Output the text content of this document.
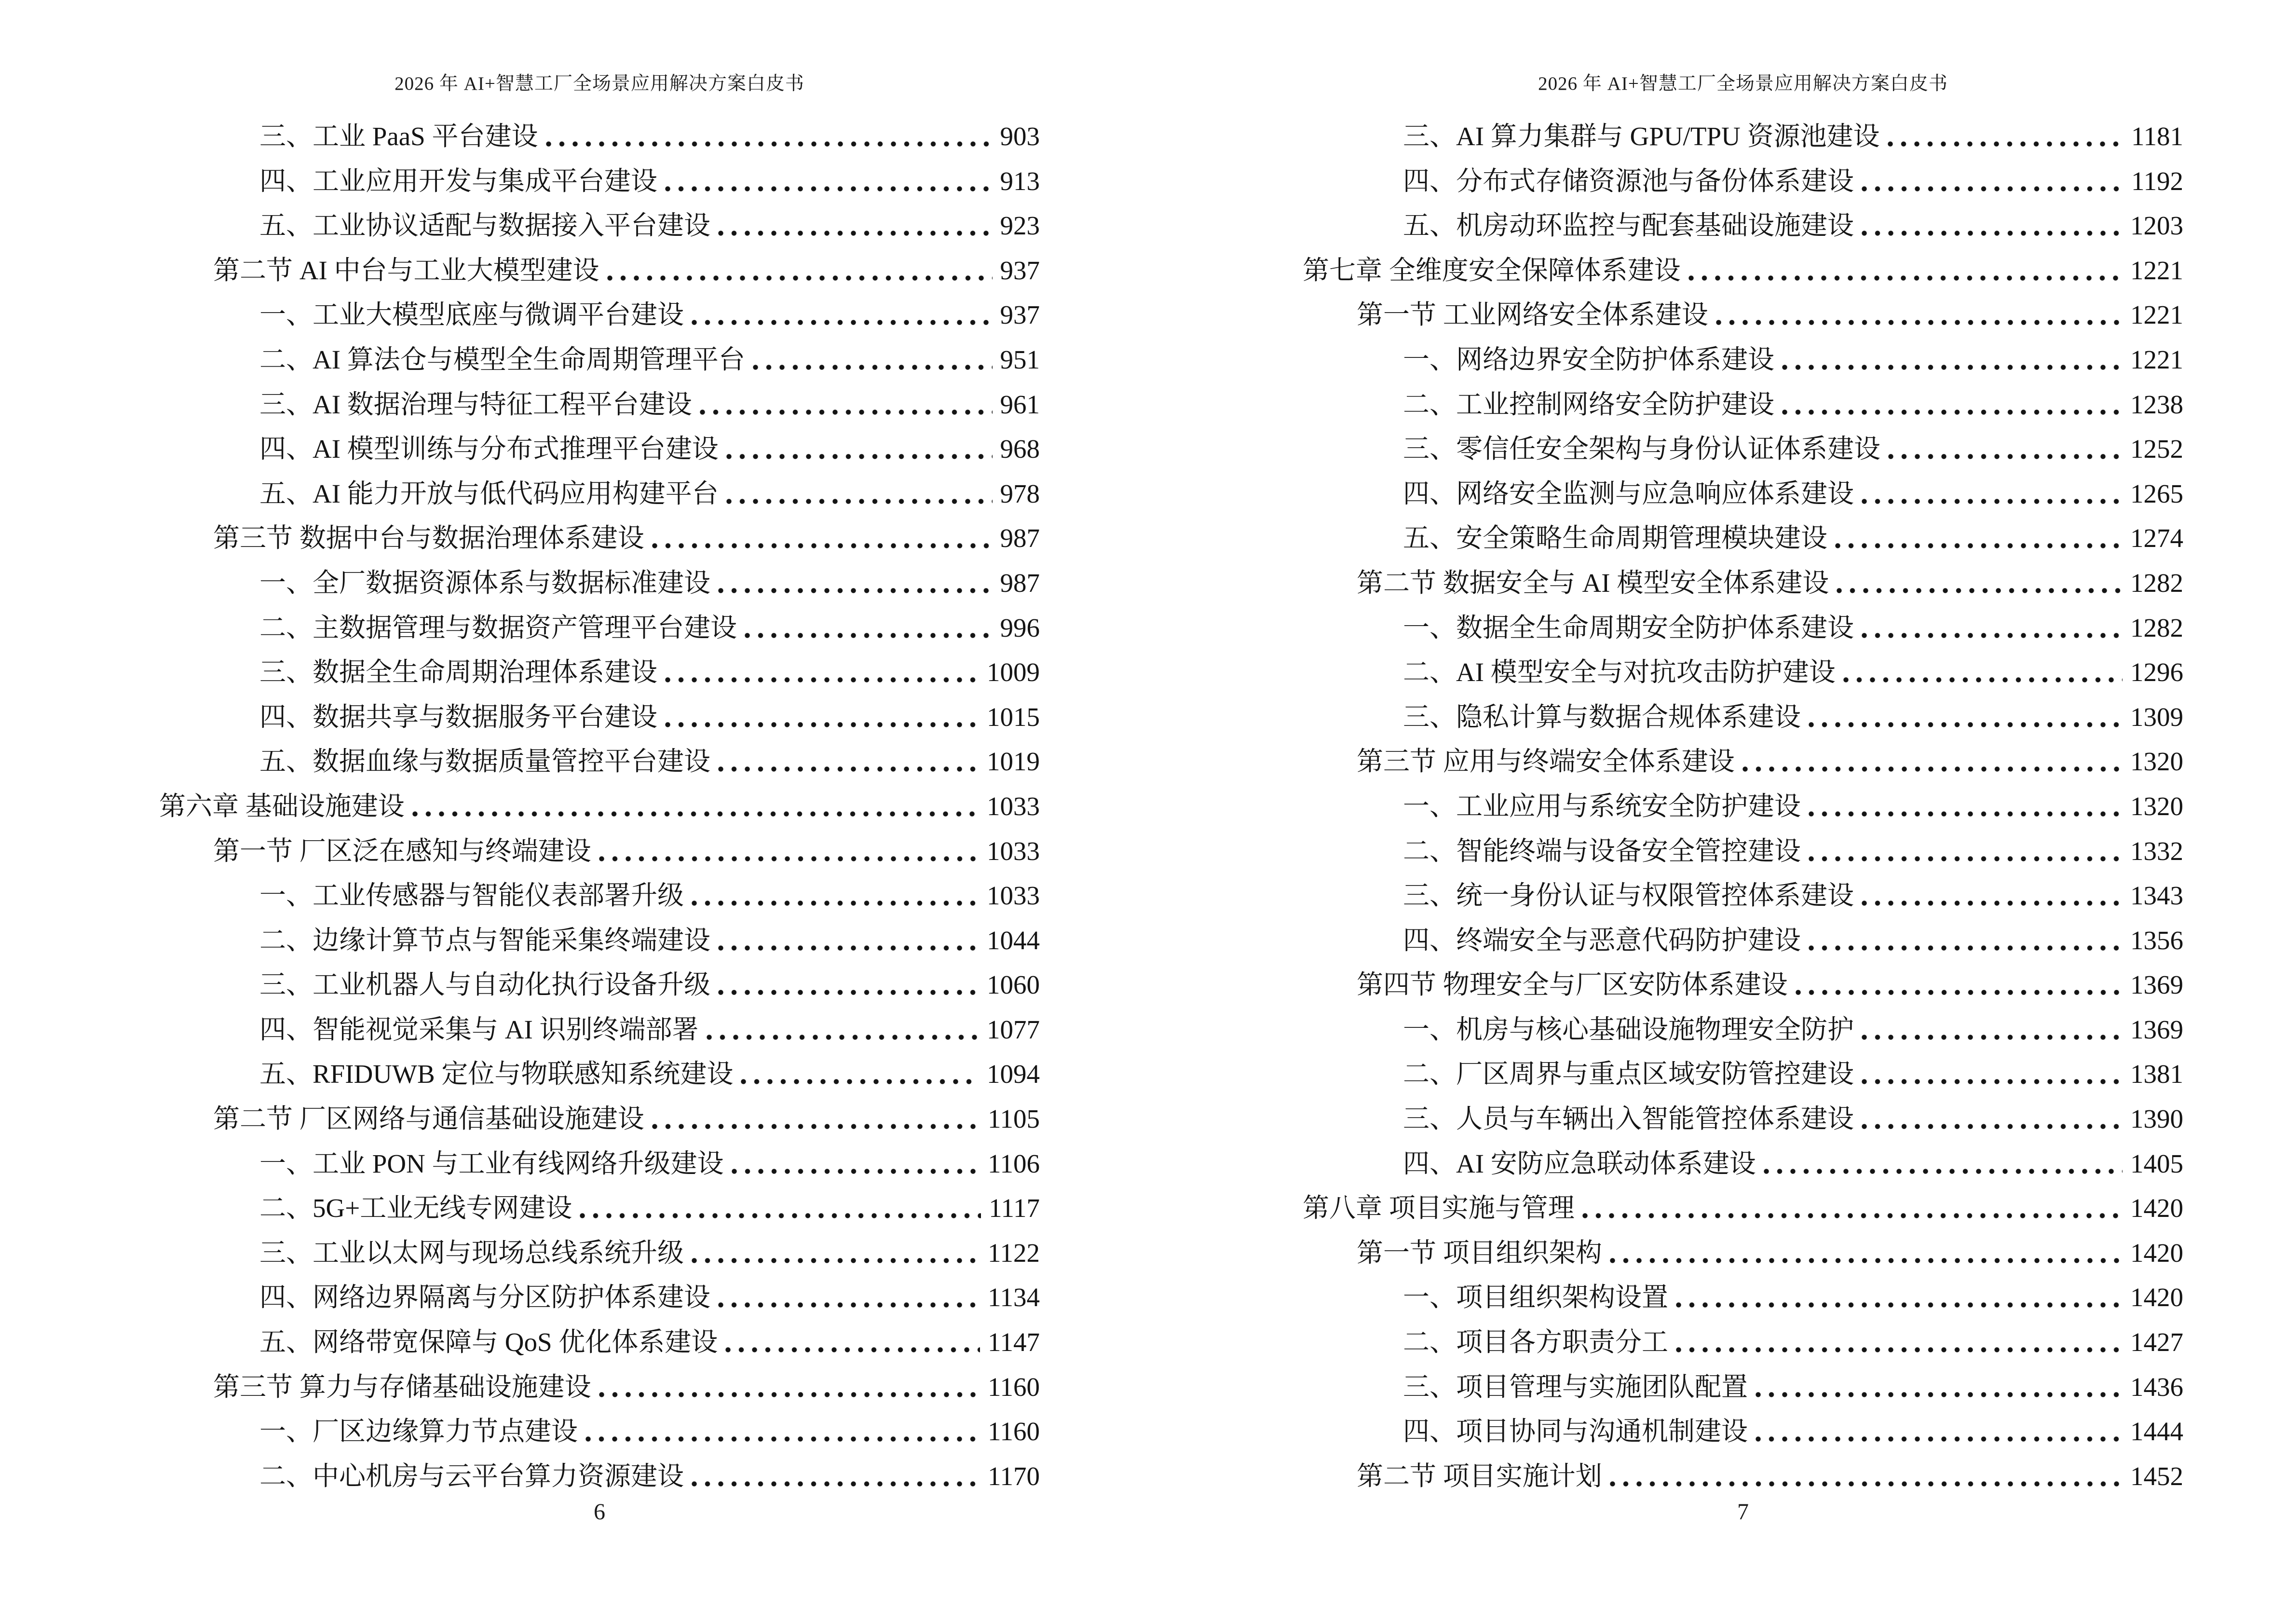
2026 年 AI+智慧工厂全场景应用解决方案白皮书
三、工业 PaaS 平台建设	903
四、工业应用开发与集成平台建设	913
五、工业协议适配与数据接入平台建设	923
第二节 AI 中台与工业大模型建设	937
一、工业大模型底座与微调平台建设	937
二、AI 算法仓与模型全生命周期管理平台	951
三、AI 数据治理与特征工程平台建设	961
四、AI 模型训练与分布式推理平台建设	968
五、AI 能力开放与低代码应用构建平台	978
第三节 数据中台与数据治理体系建设	987
一、全厂数据资源体系与数据标准建设	987
二、主数据管理与数据资产管理平台建设	996
三、数据全生命周期治理体系建设	1009
四、数据共享与数据服务平台建设	1015
五、数据血缘与数据质量管控平台建设	1019
第六章 基础设施建设	1033
第一节 厂区泛在感知与终端建设	1033
一、工业传感器与智能仪表部署升级	1033
二、边缘计算节点与智能采集终端建设	1044
三、工业机器人与自动化执行设备升级	1060
四、智能视觉采集与 AI 识别终端部署	1077
五、RFIDUWB 定位与物联感知系统建设	1094
第二节 厂区网络与通信基础设施建设	1105
一、工业 PON 与工业有线网络升级建设	1106
二、5G+工业无线专网建设	1117
三、工业以太网与现场总线系统升级	1122
四、网络边界隔离与分区防护体系建设	1134
五、网络带宽保障与 QoS 优化体系建设	1147
第三节 算力与存储基础设施建设	1160
一、厂区边缘算力节点建设	1160
二、中心机房与云平台算力资源建设	1170
6
2026 年 AI+智慧工厂全场景应用解决方案白皮书
三、AI 算力集群与 GPU/TPU 资源池建设	1181
四、分布式存储资源池与备份体系建设	1192
五、机房动环监控与配套基础设施建设	1203
第七章 全维度安全保障体系建设	1221
第一节 工业网络安全体系建设	1221
一、网络边界安全防护体系建设	1221
二、工业控制网络安全防护建设	1238
三、零信任安全架构与身份认证体系建设	1252
四、网络安全监测与应急响应体系建设	1265
五、安全策略生命周期管理模块建设	1274
第二节 数据安全与 AI 模型安全体系建设	1282
一、数据全生命周期安全防护体系建设	1282
二、AI 模型安全与对抗攻击防护建设	1296
三、隐私计算与数据合规体系建设	1309
第三节 应用与终端安全体系建设	1320
一、工业应用与系统安全防护建设	1320
二、智能终端与设备安全管控建设	1332
三、统一身份认证与权限管控体系建设	1343
四、终端安全与恶意代码防护建设	1356
第四节 物理安全与厂区安防体系建设	1369
一、机房与核心基础设施物理安全防护	1369
二、厂区周界与重点区域安防管控建设	1381
三、人员与车辆出入智能管控体系建设	1390
四、AI 安防应急联动体系建设	1405
第八章 项目实施与管理	1420
第一节 项目组织架构	1420
一、项目组织架构设置	1420
二、项目各方职责分工	1427
三、项目管理与实施团队配置	1436
四、项目协同与沟通机制建设	1444
第二节 项目实施计划	1452
7
